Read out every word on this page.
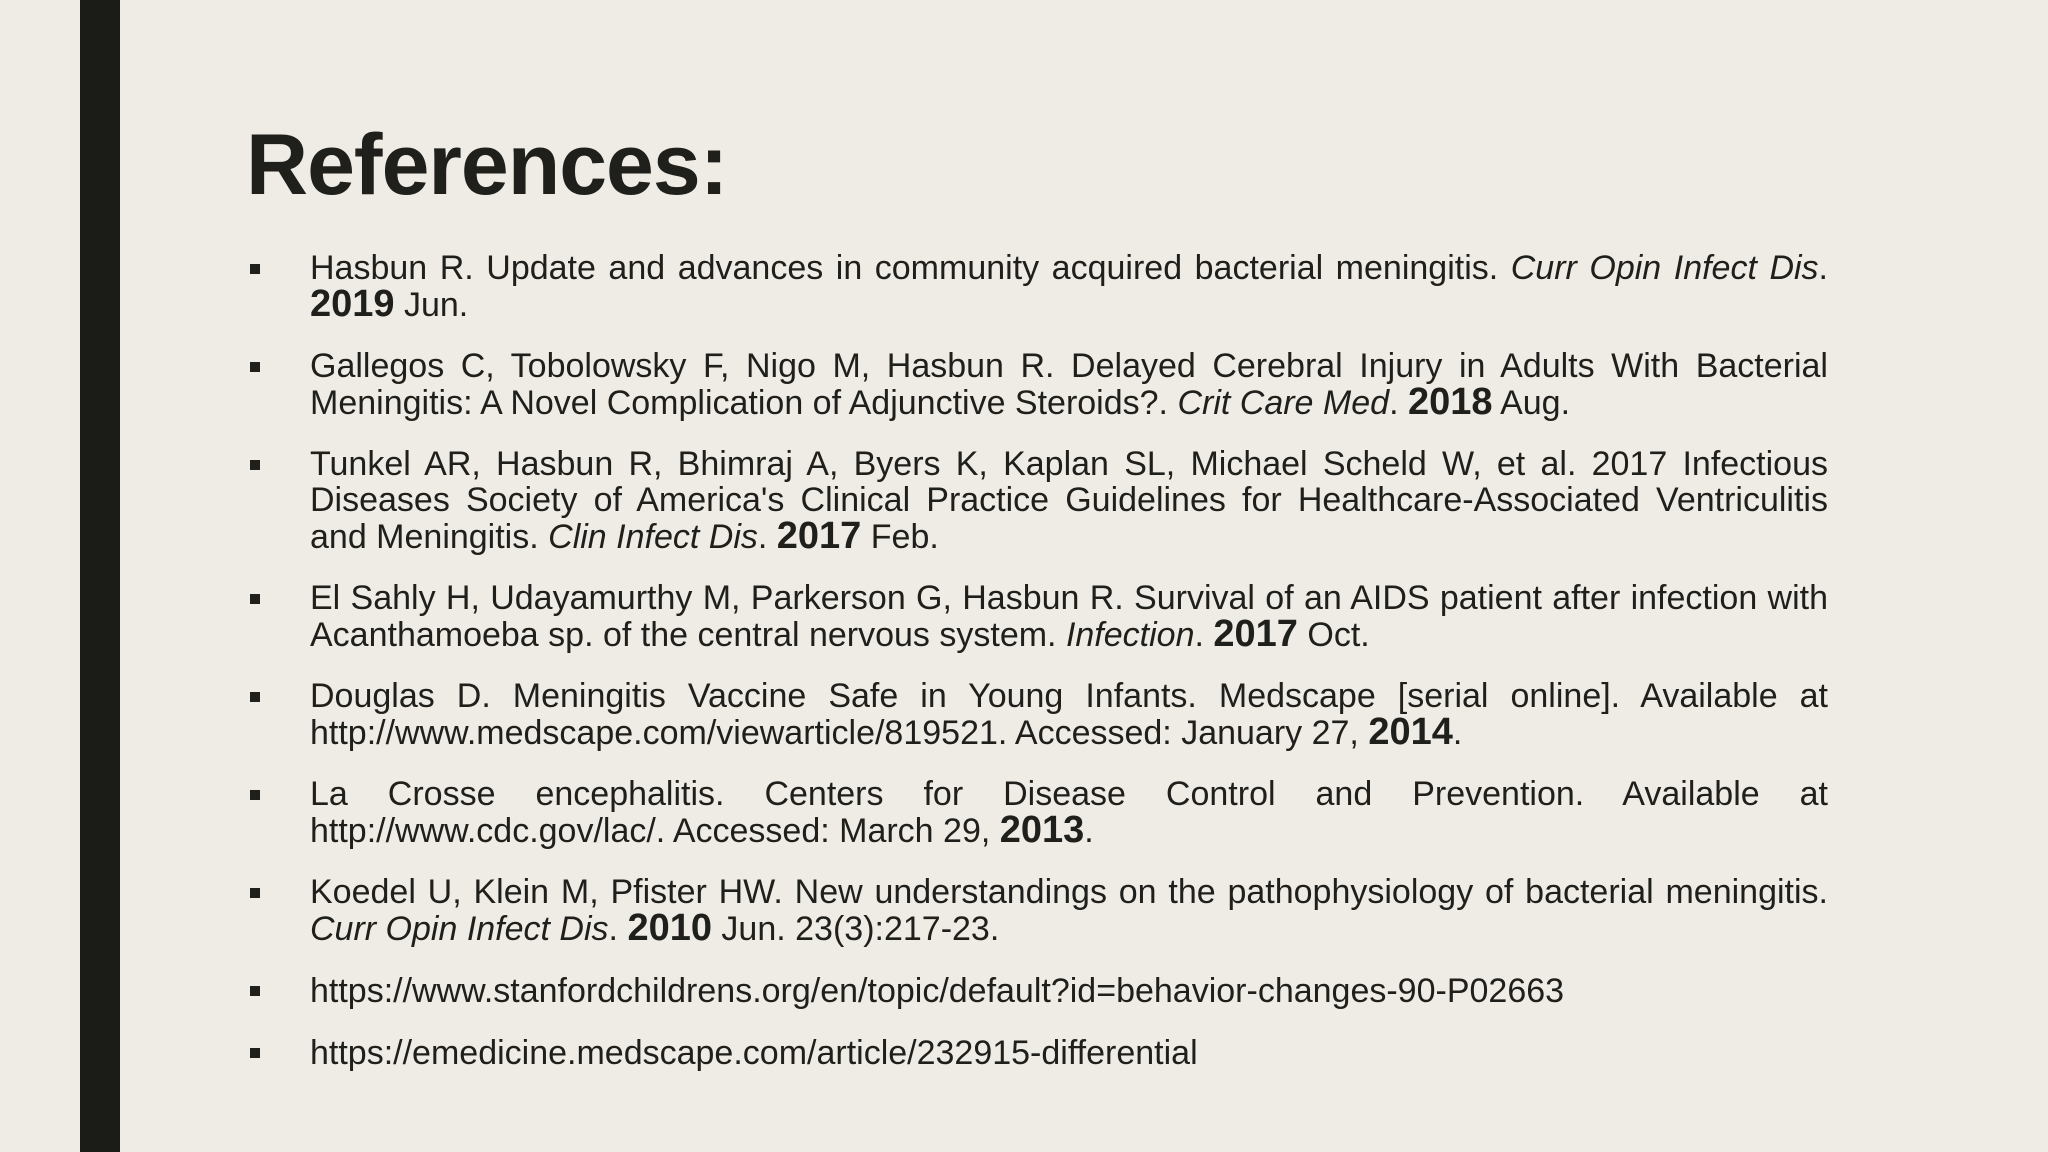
References:
Hasbun R. Update and advances in community acquired bacterial meningitis. Curr Opin Infect Dis. 2019 Jun.
Gallegos C, Tobolowsky F, Nigo M, Hasbun R. Delayed Cerebral Injury in Adults With Bacterial Meningitis: A Novel Complication of Adjunctive Steroids?. Crit Care Med. 2018 Aug.
Tunkel AR, Hasbun R, Bhimraj A, Byers K, Kaplan SL, Michael Scheld W, et al. 2017 Infectious Diseases Society of America's Clinical Practice Guidelines for Healthcare-Associated Ventriculitis and Meningitis. Clin Infect Dis. 2017 Feb.
El Sahly H, Udayamurthy M, Parkerson G, Hasbun R. Survival of an AIDS patient after infection with Acanthamoeba sp. of the central nervous system. Infection. 2017 Oct.
Douglas D. Meningitis Vaccine Safe in Young Infants. Medscape [serial online]. Available at http://www.medscape.com/viewarticle/819521. Accessed: January 27, 2014.
La Crosse encephalitis. Centers for Disease Control and Prevention. Available at http://www.cdc.gov/lac/. Accessed: March 29, 2013.
Koedel U, Klein M, Pfister HW. New understandings on the pathophysiology of bacterial meningitis. Curr Opin Infect Dis. 2010 Jun. 23(3):217-23.
https://www.stanfordchildrens.org/en/topic/default?id=behavior-changes-90-P02663
https://emedicine.medscape.com/article/232915-differential
